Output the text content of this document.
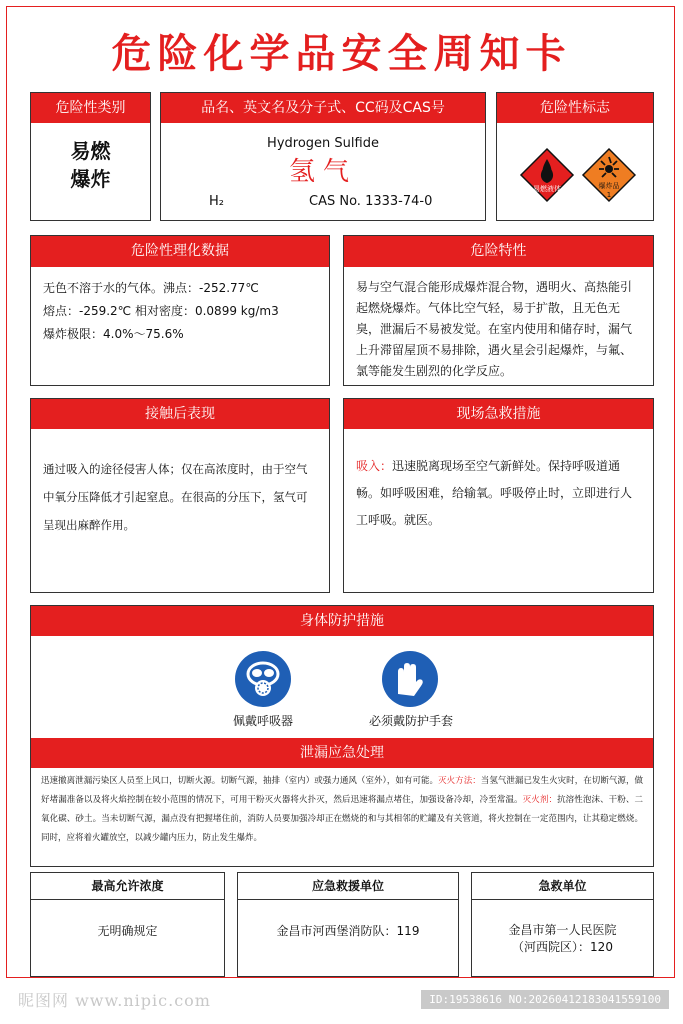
危险化学品安全周知卡
危险性类别
易燃
爆炸
品名、英文名及分子式、CC码及CAS号
Hydrogen Sulfide
氢气
H₂	CAS No. 1333-74-0
危险性标志
易燃液体	爆炸品
1
危险性理化数据
无色不溶于水的气体。沸点：-252.77℃
熔点：-259.2℃ 相对密度：0.0899 kg/m3
爆炸极限：4.0%～75.6%
危险特性
易与空气混合能形成爆炸混合物，遇明火、高热能引起燃烧爆炸。气体比空气轻，易于扩散，且无色无臭，泄漏后不易被发觉。在室内使用和储存时，漏气上升滞留屋顶不易排除，遇火星会引起爆炸，与氟、氯等能发生剧烈的化学反应。
接触后表现
通过吸入的途径侵害人体；仅在高浓度时，由于空气中氧分压降低才引起窒息。在很高的分压下，氢气可呈现出麻醉作用。
现场急救措施
吸入：迅速脱离现场至空气新鲜处。保持呼吸道通畅。如呼吸困难，给输氧。呼吸停止时，立即进行人工呼吸。就医。
身体防护措施
佩戴呼吸器	必须戴防护手套
泄漏应急处理
迅速撤离泄漏污染区人员至上风口，切断火源。切断气源，抽排（室内）或强力通风（室外），如有可能。灭火方法：当氢气泄漏已发生火灾时，在切断气源，做好堵漏准备以及将火焰控制在较小范围的情况下，可用干粉灭火器将火扑灭，然后迅速将漏点堵住，加强设备冷却，冷至常温。灭火剂：抗溶性泡沫、干粉、二氧化碳、砂土。当未切断气源，漏点没有把握堵住前，消防人员要加强冷却正在燃烧的和与其相邻的贮罐及有关管道，将火控制在一定范围内，让其稳定燃烧。同时，应将着火罐放空，以减少罐内压力，防止发生爆炸。
最高允许浓度
无明确规定
应急救援单位
金昌市河西堡消防队：119
急救单位
金昌市第一人民医院
（河西院区）：120
昵图网 www.nipic.com	ID:19538616 NO:20260412183041559100
